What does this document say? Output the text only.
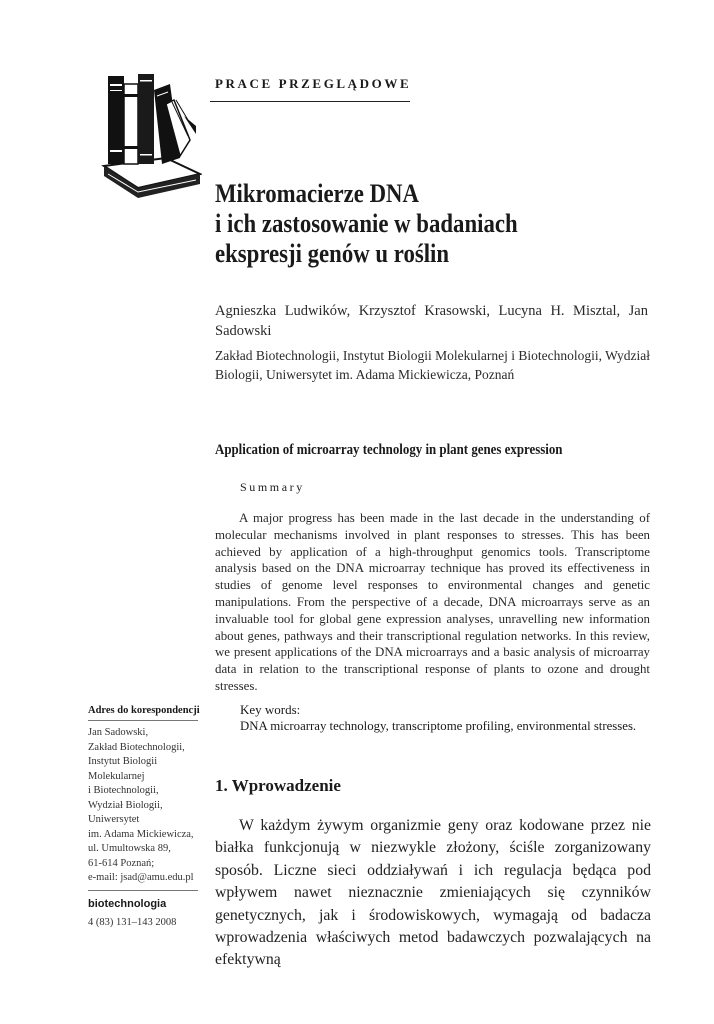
PRACE PRZEGLĄDOWE
Mikromacierze DNA
i ich zastosowanie w badaniach
ekspresji genów u roślin
Agnieszka Ludwików, Krzysztof Krasowski, Lucyna H. Misztal, Jan Sadowski
Zakład Biotechnologii, Instytut Biologii Molekularnej i Biotechnologii, Wydział Biologii, Uniwersytet im. Adama Mickiewicza, Poznań
Application of microarray technology in plant genes expression
Summary

A major progress has been made in the last decade in the understanding of molecular mechanisms involved in plant responses to stresses. This has been achieved by application of a high-throughput genomics tools. Transcriptome analysis based on the DNA microarray technique has proved its effectiveness in studies of genome level responses to environmental changes and genetic manipulations. From the perspective of a decade, DNA microarrays serve as an invaluable tool for global gene expression analyses, unravelling new information about genes, pathways and their transcriptional regulation networks. In this review, we present applications of the DNA microarrays and a basic analysis of microarray data in relation to the transcriptional response of plants to ozone and drought stresses.

Key words:
DNA microarray technology, transcriptome profiling, environmental stresses.
1. Wprowadzenie

W każdym żywym organizmie geny oraz kodowane przez nie białka funkcjonują w niezwykle złożony, ściśle zorganizowany sposób. Liczne sieci oddziaływań i ich regulacja będąca pod wpływem nawet nieznacznie zmieniających się czynników genetycznych, jak i środowiskowych, wymagają od badacza wprowadzenia właściwych metod badawczych pozwalających na efektywną

Adres do korespondencji
Jan Sadowski,
Zakład Biotechnologii,
Instytut Biologii
Molekularnej
i Biotechnologii,
Wydział Biologii,
Uniwersytet
im. Adama Mickiewicza,
ul. Umultowska 89,
61-614 Poznań;
e-mail: jsad@amu.edu.pl
biotechnologia
4 (83) 131–143 2008
